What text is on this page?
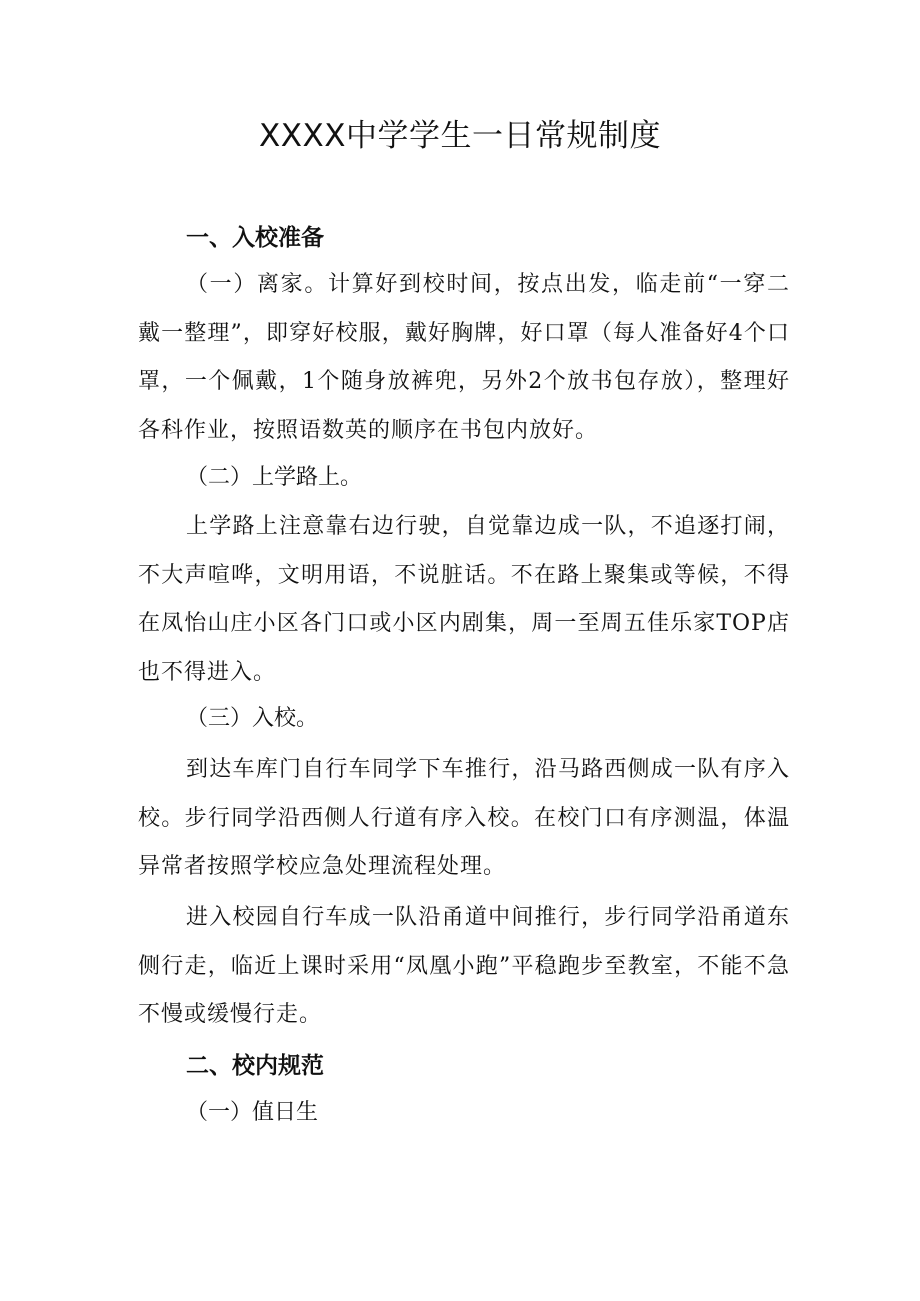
XXXX中学学生一日常规制度
一、入校准备
（一）离家。计算好到校时间，按点出发，临走前“一穿二戴一整理”，即穿好校服，戴好胸牌，好口罩（每人准备好4个口罩，一个佩戴，1个随身放裤兜，另外2个放书包存放），整理好各科作业，按照语数英的顺序在书包内放好。
（二）上学路上。
上学路上注意靠右边行驶，自觉靠边成一队，不追逐打闹，不大声喧哗，文明用语，不说脏话。不在路上聚集或等候，不得在凤怡山庄小区各门口或小区内剧集，周一至周五佳乐家TOP店也不得进入。
（三）入校。
到达车库门自行车同学下车推行，沿马路西侧成一队有序入校。步行同学沿西侧人行道有序入校。在校门口有序测温，体温异常者按照学校应急处理流程处理。
进入校园自行车成一队沿甬道中间推行，步行同学沿甬道东侧行走，临近上课时采用“凤凰小跑”平稳跑步至教室，不能不急不慢或缓慢行走。
二、校内规范
（一）值日生
